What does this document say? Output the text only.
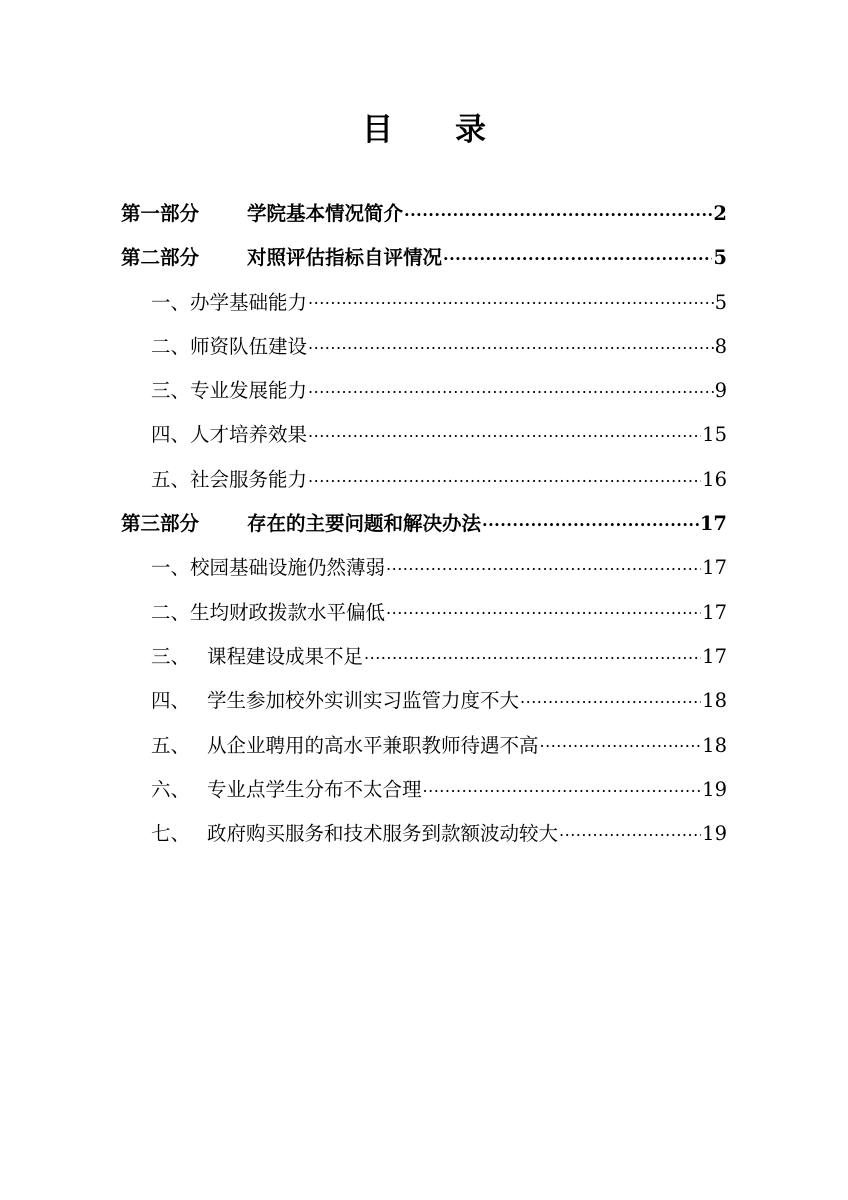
目 录
第一部分	学院基本情况简介 .....	2
第二部分	对照评估指标自评情况 .....	5
一、 办学基础能力 .....	5
二、 师资队伍建设 .....	8
三、 专业发展能力 .....	9
四、 人才培养效果 .....	15
五、 社会服务能力 .....	16
第三部分	存在的主要问题和解决办法 .....	17
一、 校园基础设施仍然薄弱 .....	17
二、 生均财政拨款水平偏低 .....	17
三、 课程建设成果不足 .....	17
四、 学生参加校外实训实习监管力度不大 .....	18
五、 从企业聘用的高水平兼职教师待遇不高 .....	18
六、 专业点学生分布不太合理 .....	19
七、 政府购买服务和技术服务到款额波动较大 .....	19
